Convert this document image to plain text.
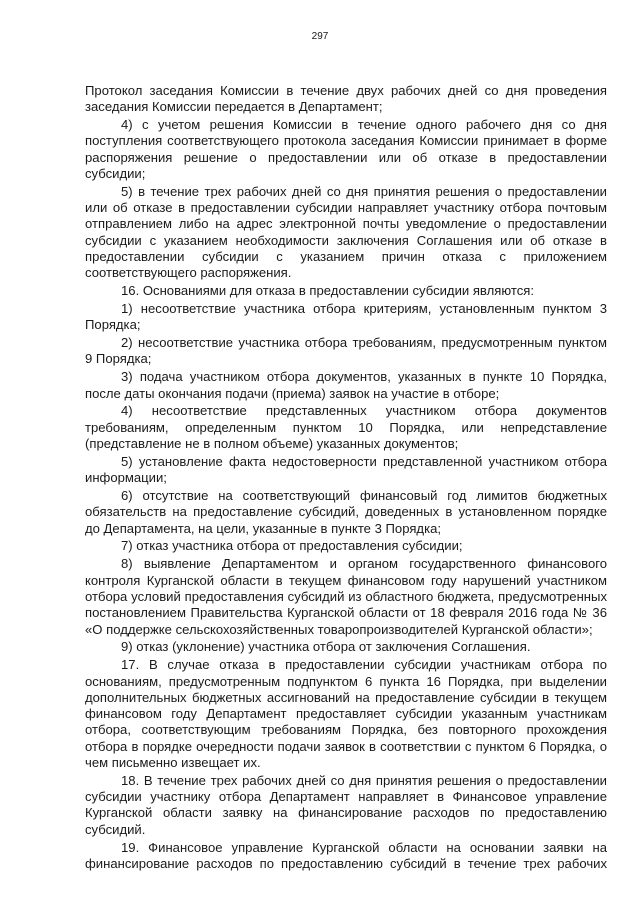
297

Протокол заседания Комиссии в течение двух рабочих дней со дня проведения заседания Комиссии передается в Департамент;

4) с учетом решения Комиссии в течение одного рабочего дня со дня поступления соответствующего протокола заседания Комиссии принимает в форме распоряжения решение о предоставлении или об отказе в предоставлении субсидии;

5) в течение трех рабочих дней со дня принятия решения о предоставлении или об отказе в предоставлении субсидии направляет участнику отбора почтовым отправлением либо на адрес электронной почты уведомление о предоставлении субсидии с указанием необходимости заключения Соглашения или об отказе в предоставлении субсидии с указанием причин отказа с приложением соответствующего распоряжения.

16. Основаниями для отказа в предоставлении субсидии являются:

1) несоответствие участника отбора критериям, установленным пунктом 3 Порядка;

2) несоответствие участника отбора требованиям, предусмотренным пунктом 9 Порядка;

3) подача участником отбора документов, указанных в пункте 10 Порядка, после даты окончания подачи (приема) заявок на участие в отборе;

4) несоответствие представленных участником отбора документов требованиям, определенным пунктом 10 Порядка, или непредставление (представление не в полном объеме) указанных документов;

5) установление факта недостоверности представленной участником отбора информации;

6) отсутствие на соответствующий финансовый год лимитов бюджетных обязательств на предоставление субсидий, доведенных в установленном порядке до Департамента, на цели, указанные в пункте 3 Порядка;

7) отказ участника отбора от предоставления субсидии;

8) выявление Департаментом и органом государственного финансового контроля Курганской области в текущем финансовом году нарушений участником отбора условий предоставления субсидий из областного бюджета, предусмотренных постановлением Правительства Курганской области от 18 февраля 2016 года № 36 «О поддержке сельскохозяйственных товаропроизводителей Курганской области»;

9) отказ (уклонение) участника отбора от заключения Соглашения.

17. В случае отказа в предоставлении субсидии участникам отбора по основаниям, предусмотренным подпунктом 6 пункта 16 Порядка, при выделении дополнительных бюджетных ассигнований на предоставление субсидии в текущем финансовом году Департамент предоставляет субсидии указанным участникам отбора, соответствующим требованиям Порядка, без повторного прохождения отбора в порядке очередности подачи заявок в соответствии с пунктом 6 Порядка, о чем письменно извещает их.

18. В течение трех рабочих дней со дня принятия решения о предоставлении субсидии участнику отбора Департамент направляет в Финансовое управление Курганской области заявку на финансирование расходов по предоставлению субсидий.

19. Финансовое управление Курганской области на основании заявки на финансирование расходов по предоставлению субсидий в течение трех рабочих
